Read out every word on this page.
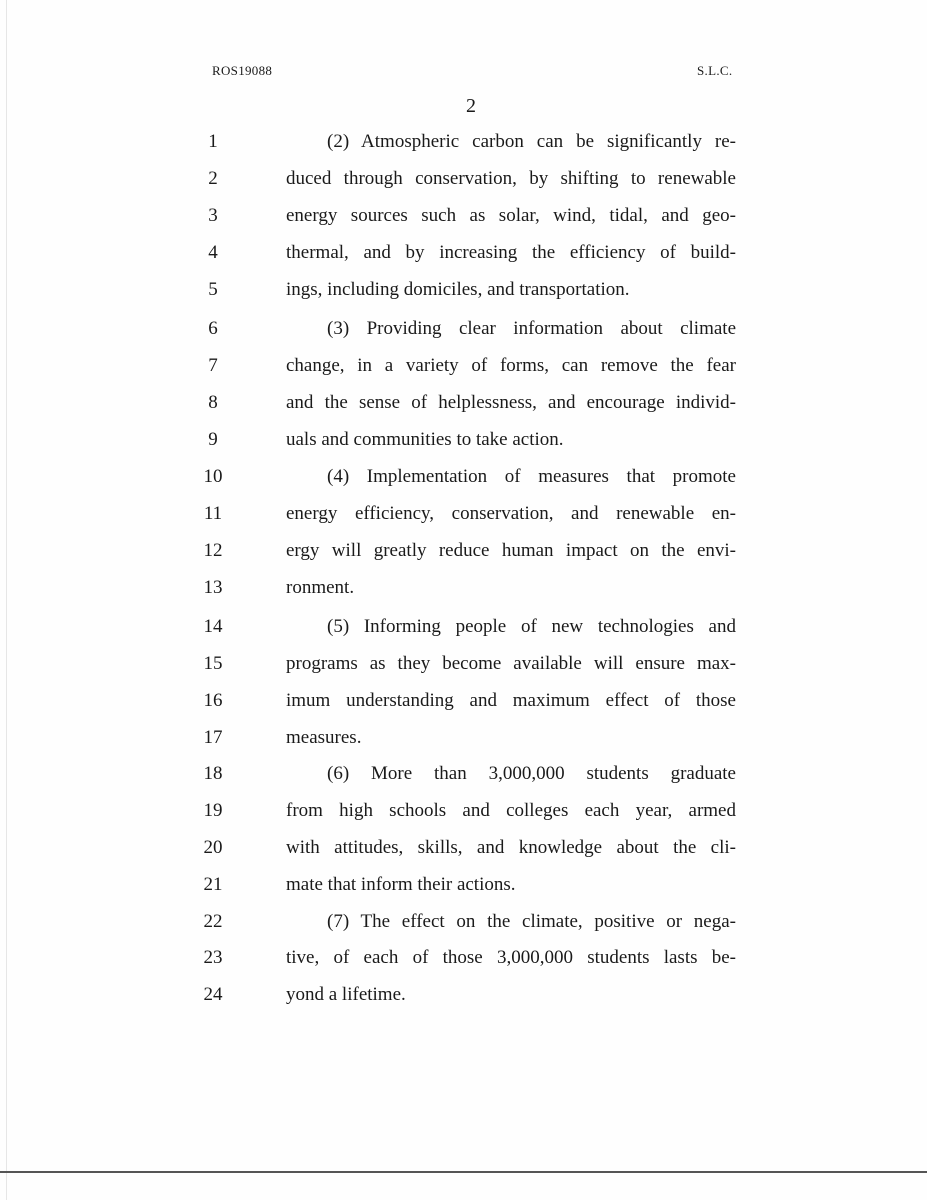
ROS19088	S.L.C.
2
1	(2) Atmospheric carbon can be significantly re-
2	duced through conservation, by shifting to renewable
3	energy sources such as solar, wind, tidal, and geo-
4	thermal, and by increasing the efficiency of build-
5	ings, including domiciles, and transportation.
6	(3) Providing clear information about climate
7	change, in a variety of forms, can remove the fear
8	and the sense of helplessness, and encourage individ-
9	uals and communities to take action.
10	(4) Implementation of measures that promote
11	energy efficiency, conservation, and renewable en-
12	ergy will greatly reduce human impact on the envi-
13	ronment.
14	(5) Informing people of new technologies and
15	programs as they become available will ensure max-
16	imum understanding and maximum effect of those
17	measures.
18	(6) More than 3,000,000 students graduate
19	from high schools and colleges each year, armed
20	with attitudes, skills, and knowledge about the cli-
21	mate that inform their actions.
22	(7) The effect on the climate, positive or nega-
23	tive, of each of those 3,000,000 students lasts be-
24	yond a lifetime.
